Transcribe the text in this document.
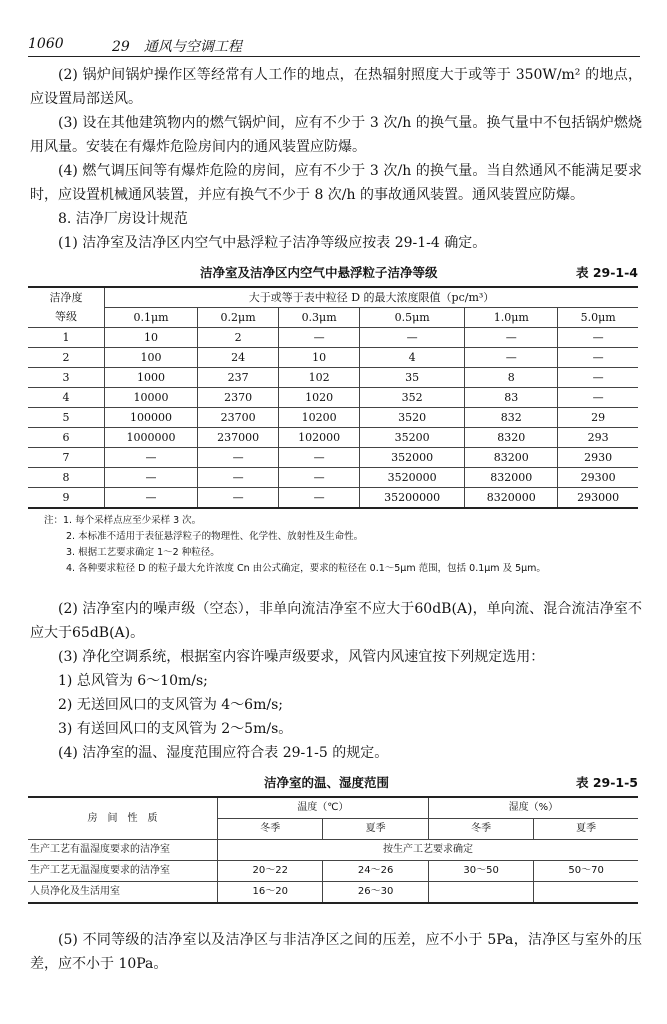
1060	29　通风与空调工程
(2) 锅炉间锅炉操作区等经常有人工作的地点，在热辐射照度大于或等于 350W/m² 的地点，应设置局部送风。
(3) 设在其他建筑物内的燃气锅炉间，应有不少于 3 次/h 的换气量。换气量中不包括锅炉燃烧用风量。安装在有爆炸危险房间内的通风装置应防爆。
(4) 燃气调压间等有爆炸危险的房间，应有不少于 3 次/h 的换气量。当自然通风不能满足要求时，应设置机械通风装置，并应有换气不少于 8 次/h 的事故通风装置。通风装置应防爆。
8. 洁净厂房设计规范
(1) 洁净室及洁净区内空气中悬浮粒子洁净等级应按表 29-1-4 确定。
洁净室及洁净区内空气中悬浮粒子洁净等级	表 29-1-4
洁净度	大于或等于表中粒径 D 的最大浓度限值（pc/m³）					
等级	0.1μm	0.2μm	0.3μm	0.5μm	1.0μm	5.0μm
1	10	2	—	—	—	—
2	100	24	10	4	—	—
3	1000	237	102	35	8	—
4	10000	2370	1020	352	83	—
5	100000	23700	10200	3520	832	29
6	1000000	237000	102000	35200	8320	293
7	—	—	—	352000	83200	2930
8	—	—	—	3520000	832000	29300
9	—	—	—	35200000	8320000	293000
注：1. 每个采样点应至少采样 3 次。
2. 本标准不适用于表征悬浮粒子的物理性、化学性、放射性及生命性。
3. 根据工艺要求确定 1～2 种粒径。
4. 各种要求粒径 D 的粒子最大允许浓度 Cn 由公式确定，要求的粒径在 0.1～5μm 范围，包括 0.1μm 及 5μm。
(2) 洁净室内的噪声级（空态），非单向流洁净室不应大于60dB(A)，单向流、混合流洁净室不应大于65dB(A)。
(3) 净化空调系统，根据室内容许噪声级要求，风管内风速宜按下列规定选用：
1) 总风管为 6～10m/s;
2) 无送回风口的支风管为 4～6m/s;
3) 有送回风口的支风管为 2～5m/s。
(4) 洁净室的温、湿度范围应符合表 29-1-5 的规定。
洁净室的温、湿度范围	表 29-1-5
房　间　性　质	温度（℃）		湿度（%）	
	冬季	夏季	冬季	夏季
生产工艺有温湿度要求的洁净室	按生产工艺要求确定			
生产工艺无温湿度要求的洁净室	20～22	24～26	30～50	50～70
人员净化及生活用室	16～20	26～30		
(5) 不同等级的洁净室以及洁净区与非洁净区之间的压差，应不小于 5Pa，洁净区与室外的压差，应不小于 10Pa。
